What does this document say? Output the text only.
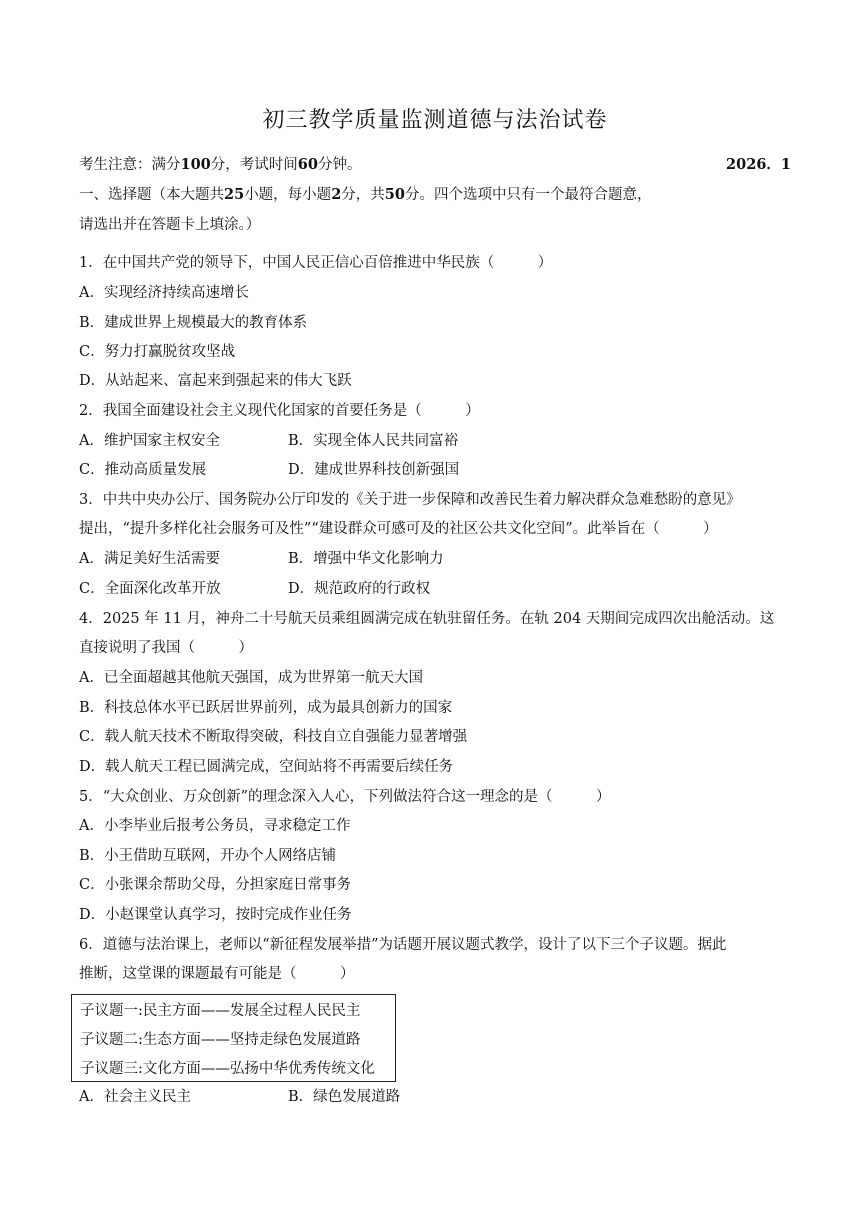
初三教学质量监测道德与法治试卷
考生注意：满分100分，考试时间60分钟。	2026．1
一、选择题（本大题共25小题，每小题2分，共50分。四个选项中只有一个最符合题意，
请选出并在答题卡上填涂。）
1．在中国共产党的领导下，中国人民正信心百倍推进中华民族（　　　）
A．实现经济持续高速增长
B．建成世界上规模最大的教育体系
C．努力打赢脱贫攻坚战
D．从站起来、富起来到强起来的伟大飞跃
2．我国全面建设社会主义现代化国家的首要任务是（　　　）
A．维护国家主权安全	B．实现全体人民共同富裕
C．推动高质量发展	D．建成世界科技创新强国
3．中共中央办公厅、国务院办公厅印发的《关于进一步保障和改善民生着力解决群众急难愁盼的意见》
提出，“提升多样化社会服务可及性”“建设群众可感可及的社区公共文化空间”。此举旨在（　　　）
A．满足美好生活需要	B．增强中华文化影响力
C．全面深化改革开放	D．规范政府的行政权
4．2025 年 11 月，神舟二十号航天员乘组圆满完成在轨驻留任务。在轨 204 天期间完成四次出舱活动。这
直接说明了我国（　　　）
A．已全面超越其他航天强国，成为世界第一航天大国
B．科技总体水平已跃居世界前列，成为最具创新力的国家
C．载人航天技术不断取得突破，科技自立自强能力显著增强
D．载人航天工程已圆满完成，空间站将不再需要后续任务
5．“大众创业、万众创新”的理念深入人心，下列做法符合这一理念的是（　　　）
A．小李毕业后报考公务员，寻求稳定工作
B．小王借助互联网，开办个人网络店铺
C．小张课余帮助父母，分担家庭日常事务
D．小赵课堂认真学习，按时完成作业任务
6．道德与法治课上，老师以“新征程发展举措”为话题开展议题式教学，设计了以下三个子议题。据此
推断，这堂课的课题最有可能是（　　　）
子议题一:民主方面——发展全过程人民民主
子议题二:生态方面——坚持走绿色发展道路
子议题三:文化方面——弘扬中华优秀传统文化
A．社会主义民主	B．绿色发展道路
